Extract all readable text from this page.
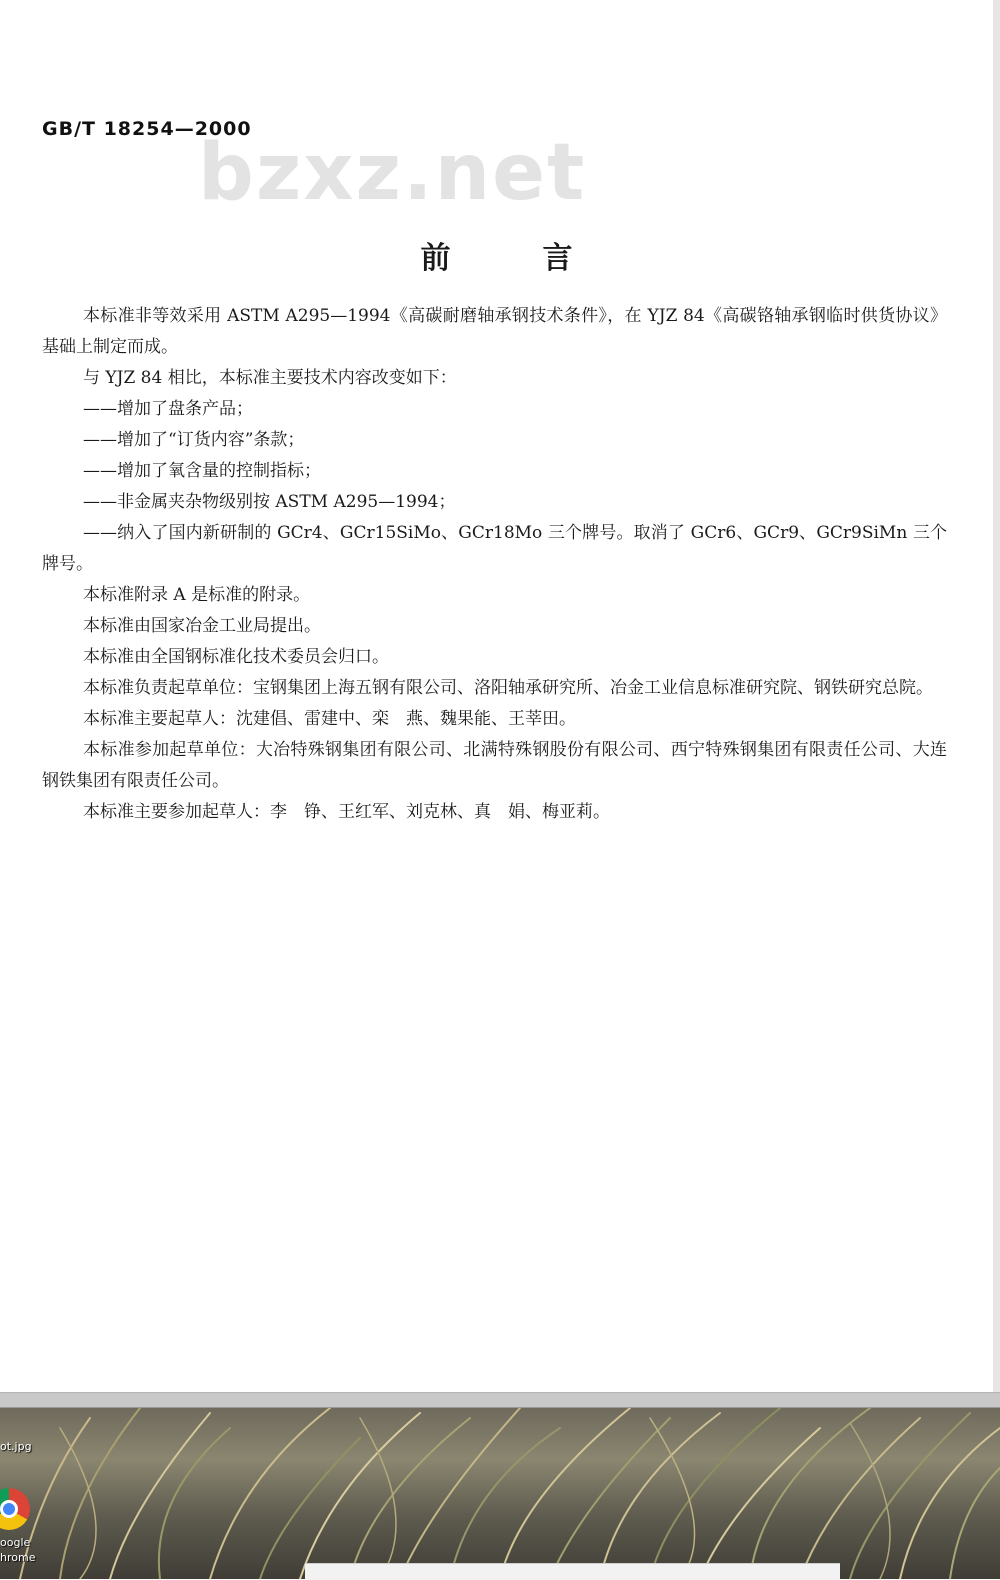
bzxz.net
GB/T 18254—2000
前言

本标准非等效采用 ASTM A295—1994《高碳耐磨轴承钢技术条件》，在 YJZ 84《高碳铬轴承钢临时供货协议》基础上制定而成。

与 YJZ 84 相比，本标准主要技术内容改变如下：

——增加了盘条产品；

——增加了“订货内容”条款；

——增加了氧含量的控制指标；

——非金属夹杂物级别按 ASTM A295—1994；

——纳入了国内新研制的 GCr4、GCr15SiMo、GCr18Mo 三个牌号。取消了 GCr6、GCr9、GCr9SiMn 三个牌号。

本标准附录 A 是标准的附录。

本标准由国家冶金工业局提出。

本标准由全国钢标准化技术委员会归口。

本标准负责起草单位：宝钢集团上海五钢有限公司、洛阳轴承研究所、冶金工业信息标准研究院、钢铁研究总院。

本标准主要起草人：沈建倡、雷建中、栾　燕、魏果能、王莘田。

本标准参加起草单位：大冶特殊钢集团有限公司、北满特殊钢股份有限公司、西宁特殊钢集团有限责任公司、大连钢铁集团有限责任公司。

本标准主要参加起草人：李　铮、王红军、刘克林、真　娟、梅亚莉。

ot.jpg
oogle
hrome
